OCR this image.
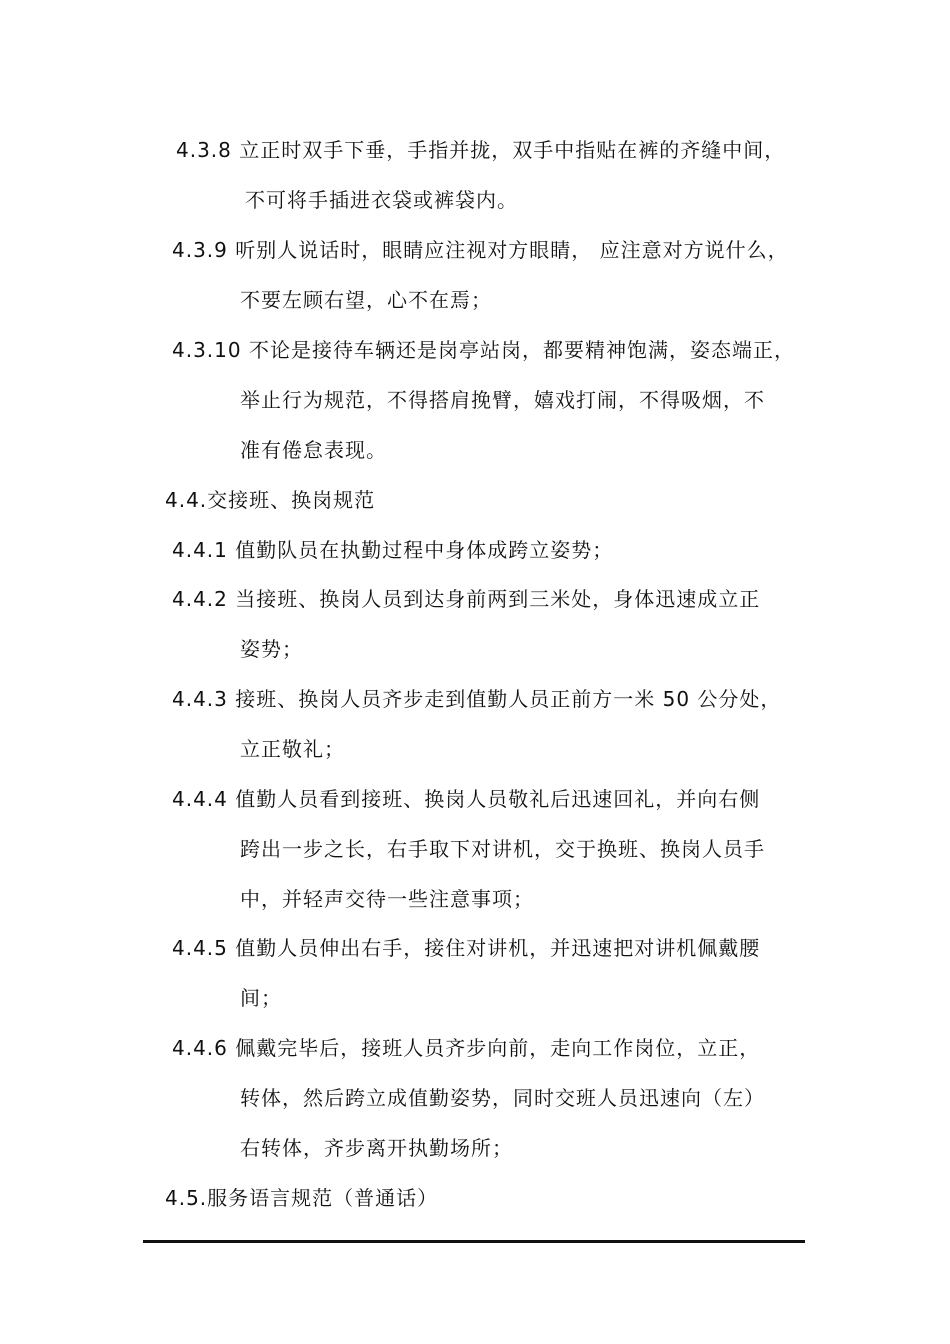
4.3.8 立正时双手下垂，手指并拢，双手中指贴在裤的齐缝中间，
不可将手插进衣袋或裤袋内。
4.3.9 听别人说话时，眼睛应注视对方眼睛， 应注意对方说什么，
不要左顾右望，心不在焉；
4.3.10 不论是接待车辆还是岗亭站岗，都要精神饱满，姿态端正，
举止行为规范，不得搭肩挽臂，嬉戏打闹，不得吸烟，不
准有倦怠表现。
4.4.交接班、换岗规范
4.4.1 值勤队员在执勤过程中身体成跨立姿势；
4.4.2 当接班、换岗人员到达身前两到三米处，身体迅速成立正
姿势；
4.4.3 接班、换岗人员齐步走到值勤人员正前方一米 50 公分处，
立正敬礼；
4.4.4 值勤人员看到接班、换岗人员敬礼后迅速回礼，并向右侧
跨出一步之长，右手取下对讲机，交于换班、换岗人员手
中，并轻声交待一些注意事项；
4.4.5 值勤人员伸出右手，接住对讲机，并迅速把对讲机佩戴腰
间；
4.4.6 佩戴完毕后，接班人员齐步向前，走向工作岗位，立正，
转体，然后跨立成值勤姿势，同时交班人员迅速向（左）
右转体，齐步离开执勤场所；
4.5.服务语言规范（普通话）
